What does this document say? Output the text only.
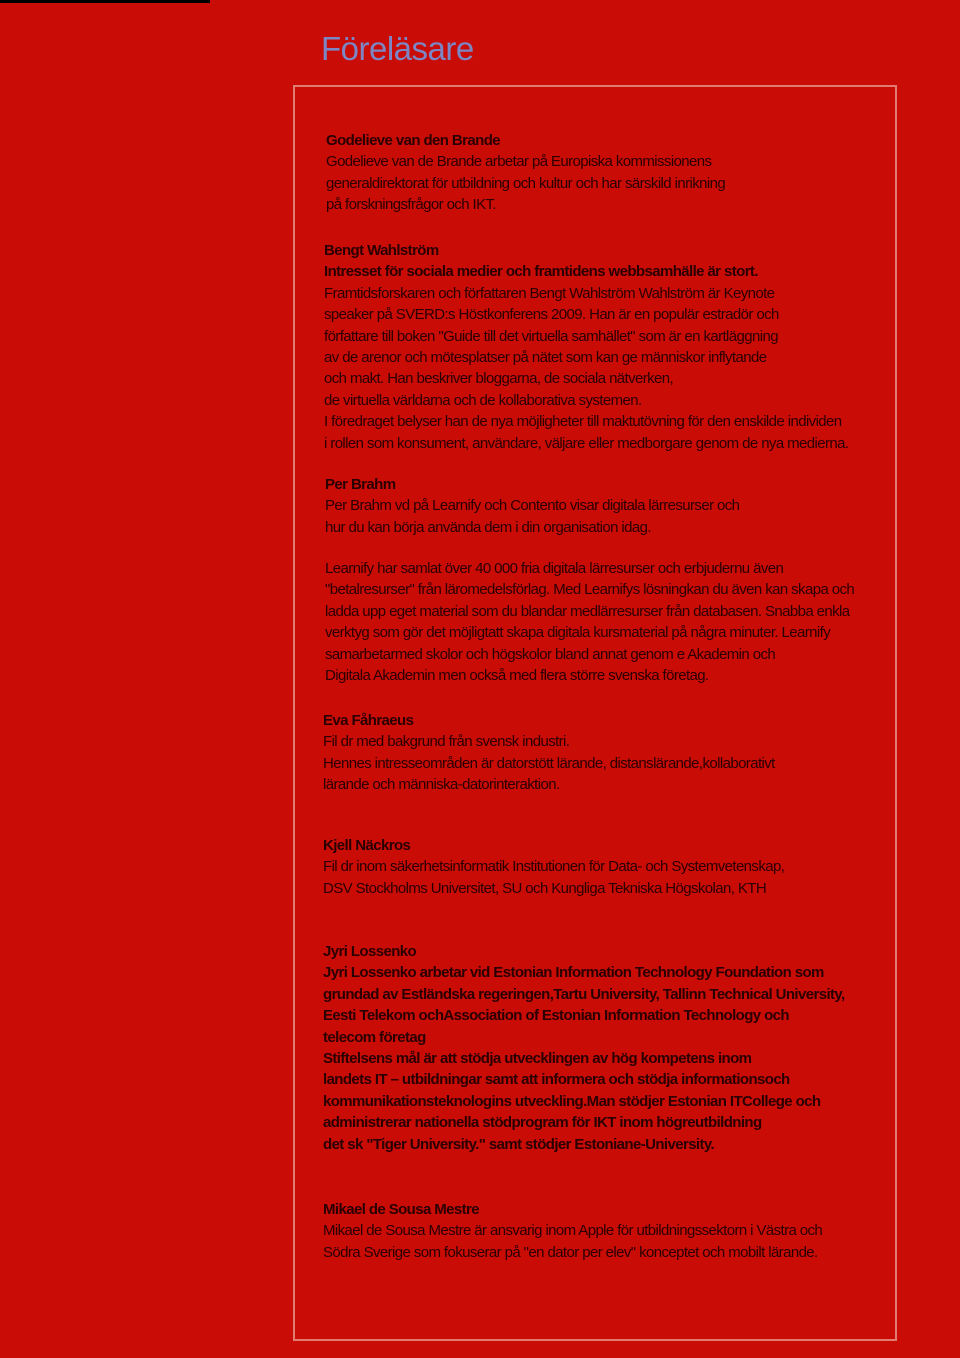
Föreläsare
Godelieve van den Brande
Godelieve van de Brande arbetar på Europiska kommissionens
generaldirektorat för utbildning och kultur och har särskild inrikning
på forskningsfrågor och IKT.
Bengt Wahlström
Intresset för sociala medier och framtidens webbsamhälle är stort.
Framtidsforskaren och författaren Bengt Wahlström Wahlström är Keynote
speaker på SVERD:s Höstkonferens 2009. Han är en populär estradör och
författare till boken "Guide till det virtuella samhället" som är en kartläggning
av de arenor och mötesplatser på nätet som kan ge människor inflytande
och makt. Han beskriver bloggarna, de sociala nätverken,
de virtuella världarna och de kollaborativa systemen.
I föredraget belyser han de nya möjligheter till maktutövning för den enskilde individen
i rollen som konsument, användare, väljare eller medborgare genom de nya medierna.
Per Brahm
Per Brahm vd på Learnify och Contento visar digitala lärresurser och
hur du kan börja använda dem i din organisation idag.
Learnify har samlat över 40 000 fria digitala lärresurser och erbjudernu även
"betalresurser" från läromedelsförlag. Med Learnifys lösningkan du även kan skapa och
ladda upp eget material som du blandar medlärresurser från databasen. Snabba enkla
verktyg som gör det möjligtatt skapa digitala kursmaterial på några minuter. Learnify
samarbetarmed skolor och högskolor bland annat genom e Akademin och
Digitala Akademin men också med flera större svenska företag.
Eva Fåhraeus
Fil dr med bakgrund från svensk industri.
Hennes intresseområden är datorstött lärande, distanslärande,kollaborativt
lärande och människa-datorinteraktion.
Kjell Näckros
Fil dr inom säkerhetsinformatik Institutionen för Data- och Systemvetenskap,
DSV Stockholms Universitet, SU och Kungliga Tekniska Högskolan, KTH
Jyri Lossenko
Jyri Lossenko arbetar vid Estonian Information Technology Foundation som
grundad av Estländska regeringen,Tartu University, Tallinn Technical University,
Eesti Telekom ochAssociation of Estonian Information Technology och
telecom företag
Stiftelsens mål är att stödja utvecklingen av hög kompetens inom
landets IT – utbildningar samt att informera och stödja informationsoch
kommunikationsteknologins utveckling.Man stödjer Estonian ITCollege och
administrerar nationella stödprogram för IKT inom högreutbildning
det sk "Tiger University." samt stödjer Estoniane-University.
Mikael de Sousa Mestre
Mikael de Sousa Mestre är ansvarig inom Apple för utbildningssektorn i Västra och
Södra Sverige som fokuserar på "en dator per elev" konceptet och mobilt lärande.
